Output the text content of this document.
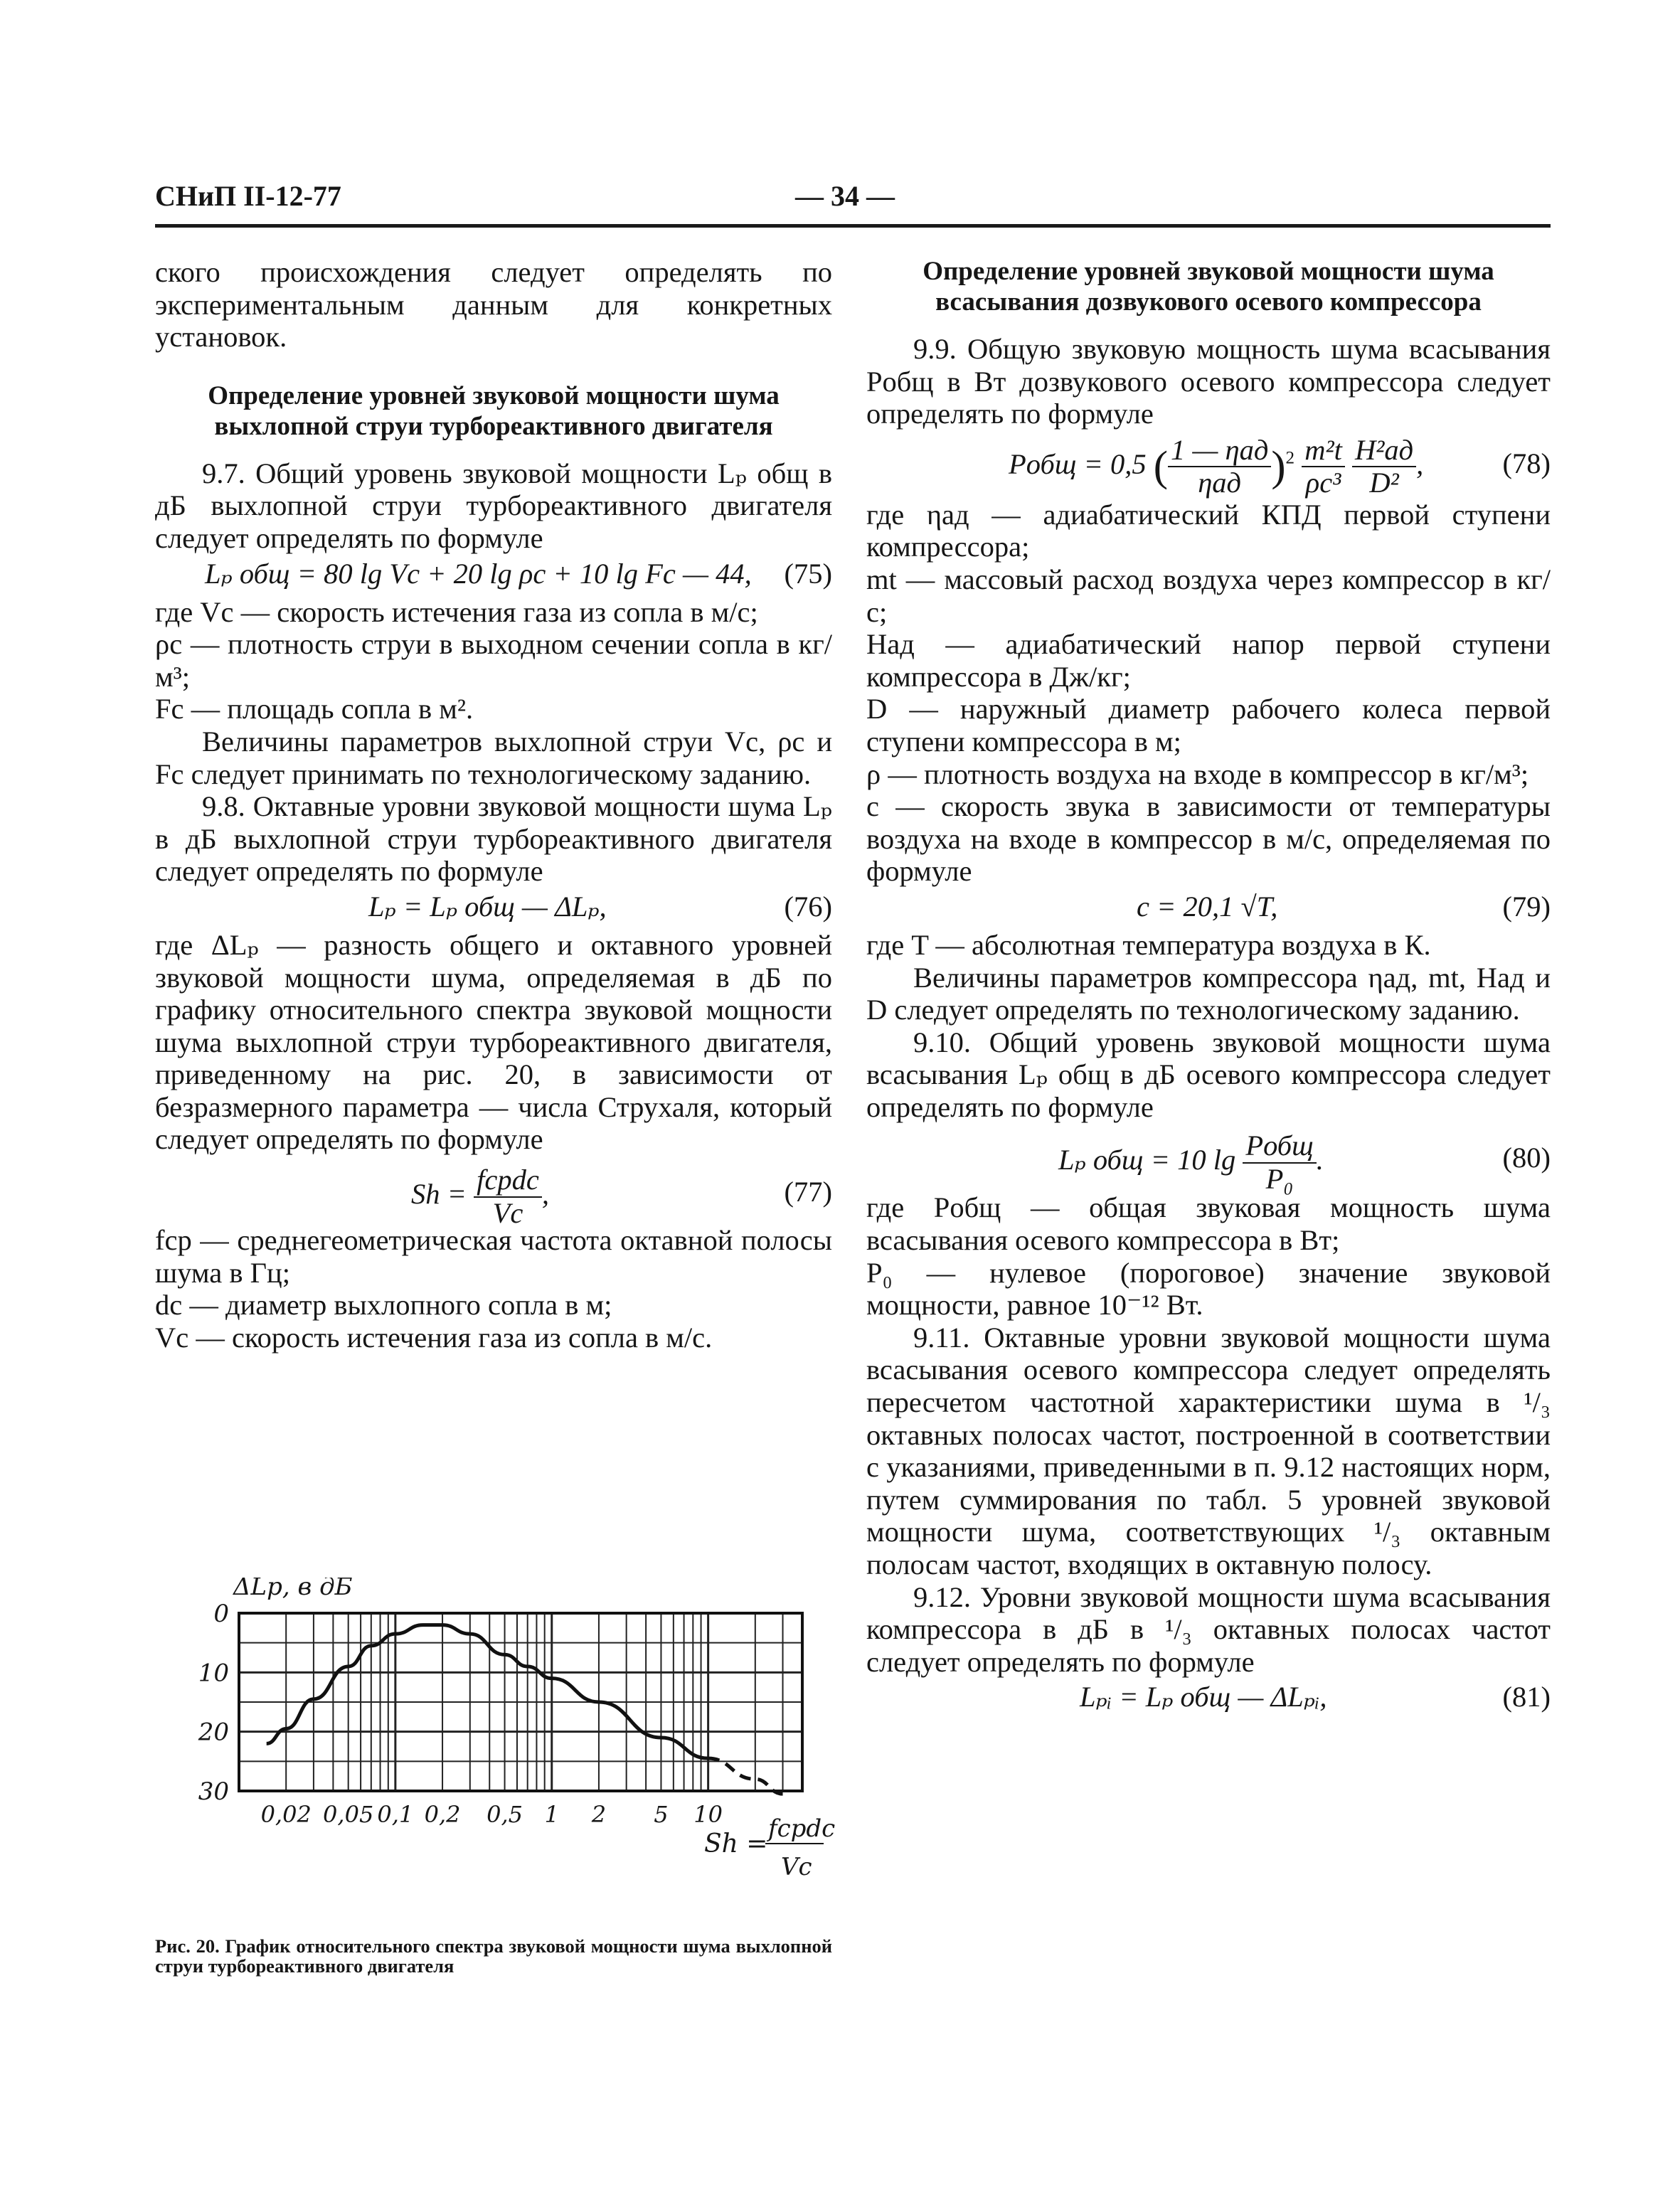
СНиП II-12-77	— 34 —

ского происхождения следует определять по экспериментальным данным для конкретных установок.

Определение уровней звуковой мощности шума выхлопной струи турбореактивного двигателя

9.7. Общий уровень звуковой мощности Lₚ общ в дБ выхлопной струи турбореактивного двигателя следует определять по формуле

Lₚ общ = 80 lg Vc + 20 lg ρc + 10 lg Fc — 44, (75)

где Vc — скорость истечения газа из сопла в м/с;

ρc — плотность струи в выходном сечении сопла в кг/м³;

Fc — площадь сопла в м².

Величины параметров выхлопной струи Vc, ρc и Fc следует принимать по технологическому заданию.

9.8. Октавные уровни звуковой мощности шума Lₚ в дБ выхлопной струи турбореактивного двигателя следует определять по формуле

Lₚ = Lₚ общ — ΔLₚ,	(76)

где ΔLₚ — разность общего и октавного уровней звуковой мощности шума, определяемая в дБ по графику относительного спектра звуковой мощности шума выхлопной струи турбореактивного двигателя, приведенному на рис. 20, в зависимости от безразмерного параметра — числа Струхаля, который следует определять по формуле

$Sh = \frac{\text{fсрdc}}{Vc}$ ,	(77)

fср — среднегеометрическая частота октавной полосы шума в Гц;

dc — диаметр выхлопного сопла в м;

Vc — скорость истечения газа из сопла в м/с.

0
10
20
30
0,02 0,05 0,1 0,2 0,5 1 2 5 10
ΔLр, в дБ
Sh =
fсрdс
Vс

Рис. 20. График относительного спектра звуковой мощности шума выхлопной струи турбореактивного двигателя

Определение уровней звуковой мощности шума всасывания дозвукового осевого компрессора

9.9. Общую звуковую мощность шума всасывания Pобщ в Вт дозвукового осевого компрессора следует определять по формуле

Pобщ = 0,5 ( $\frac{\text{1 — ηад}}{\text{ηад}} )^2 \frac{\text{m²t}}{\text{ρc³}}$
$\frac{\text{H²ад}}{\text{D²}}$ ,	(78)

где ηад — адиабатический КПД первой ступени компрессора;

mt — массовый расход воздуха через компрессор в кг/с;

Hад — адиабатический напор первой ступени компрессора в Дж/кг;

D — наружный диаметр рабочего колеса первой ступени компрессора в м;

ρ — плотность воздуха на входе в компрессор в кг/м³;

c — скорость звука в зависимости от температуры воздуха на входе в компрессор в м/с, определяемая по формуле

c = 20,1 √T,	(79)

где T — абсолютная температура воздуха в К.

Величины параметров компрессора ηад, mt, Hад и D следует определять по технологическому заданию.

9.10. Общий уровень звуковой мощности шума всасывания Lₚ общ в дБ осевого компрессора следует определять по формуле

Lₚ общ = 10 $\lg \frac{\text{Pобщ}}{\text{P₀}}$ .	(80)

где Pобщ — общая звуковая мощность шума всасывания осевого компрессора в Вт;

P₀ — нулевое (пороговое) значение звуковой мощности, равное 10⁻¹² Вт.

9.11. Октавные уровни звуковой мощности шума всасывания осевого компрессора следует определять пересчетом частотной характеристики шума в ¹/₃ октавных полосах частот, построенной в соответствии с указаниями, приведенными в п. 9.12 настоящих норм, путем суммирования по табл. 5 уровней звуковой мощности шума, соответствующих ¹/₃ октавным полосам частот, входящих в октавную полосу.

9.12. Уровни звуковой мощности шума всасывания компрессора в дБ в ¹/₃ октавных полосах частот следует определять по формуле

Lₚᵢ = Lₚ общ — ΔLₚᵢ,	(81)
